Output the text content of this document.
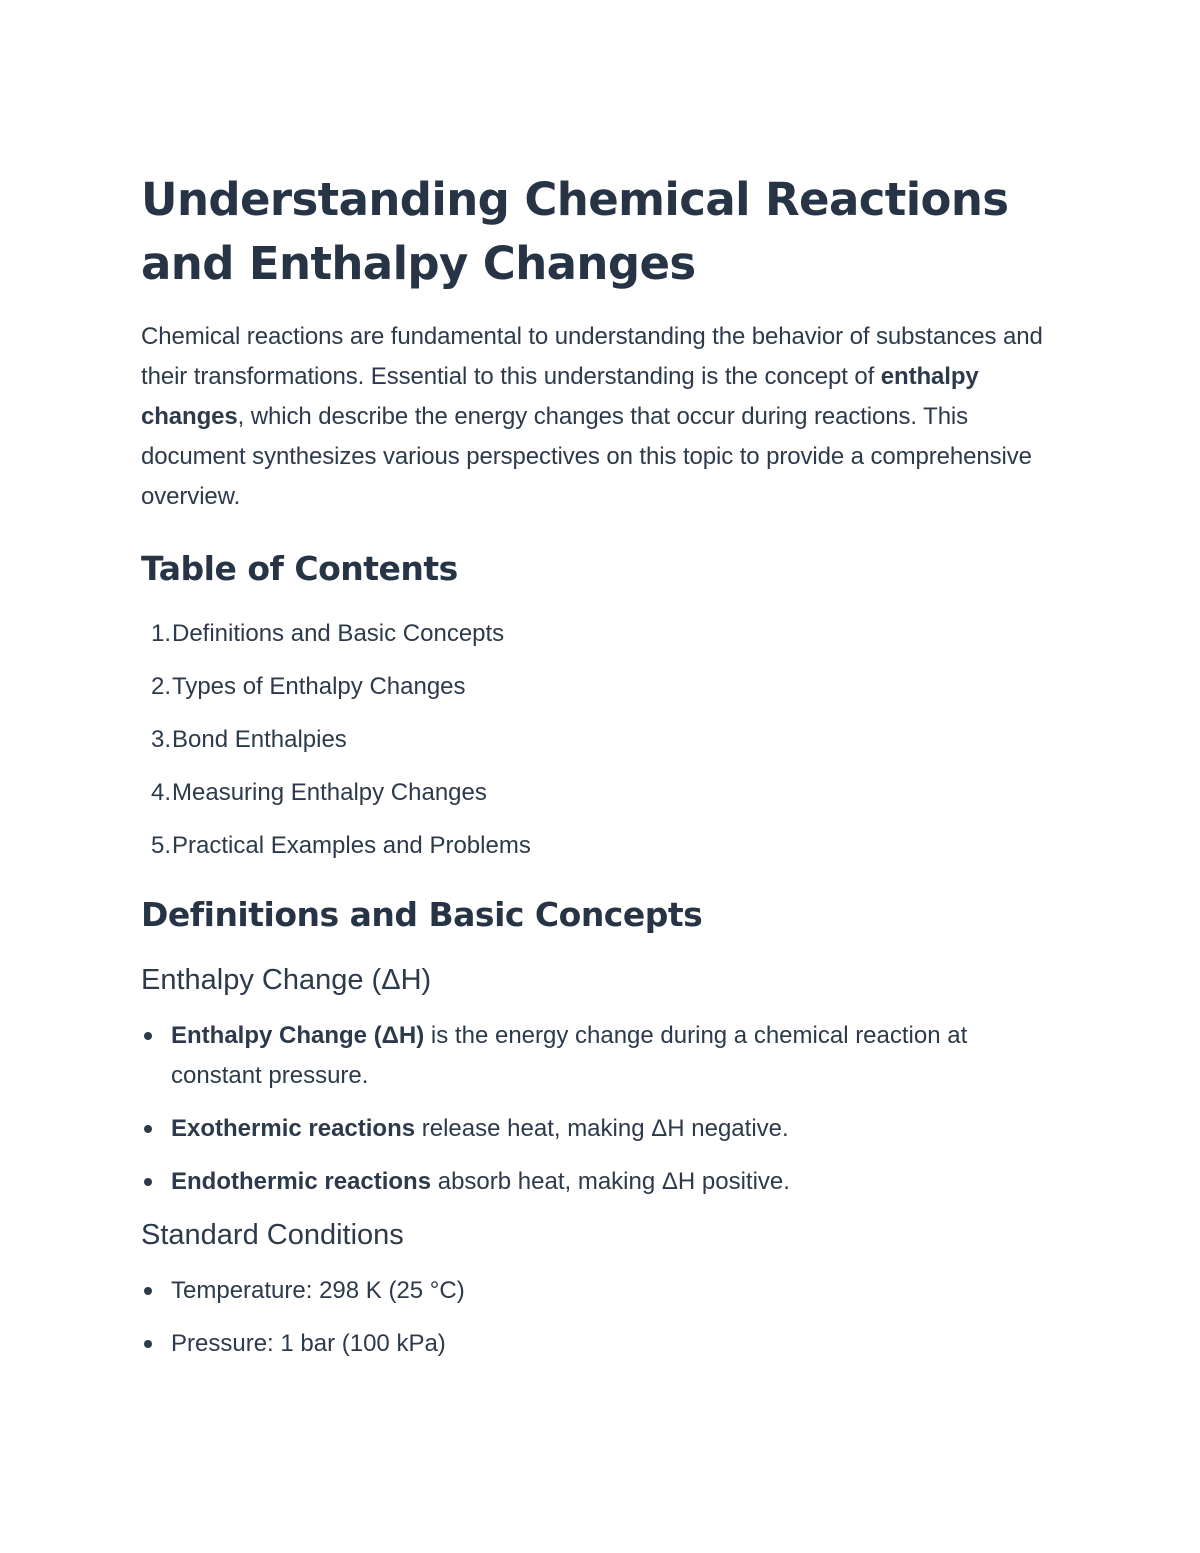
Understanding Chemical Reactions and Enthalpy Changes

Chemical reactions are fundamental to understanding the behavior of substances and their transformations. Essential to this understanding is the concept of enthalpy changes, which describe the energy changes that occur during reactions. This document synthesizes various perspectives on this topic to provide a comprehensive overview.

Table of Contents
1. Definitions and Basic Concepts
2. Types of Enthalpy Changes
3. Bond Enthalpies
4. Measuring Enthalpy Changes
5. Practical Examples and Problems
Definitions and Basic Concepts
Enthalpy Change (ΔH)
Enthalpy Change (ΔH) is the energy change during a chemical reaction at constant pressure.
Exothermic reactions release heat, making ΔH negative.
Endothermic reactions absorb heat, making ΔH positive.
Standard Conditions
Temperature: 298 K (25 °C)
Pressure: 1 bar (100 kPa)
